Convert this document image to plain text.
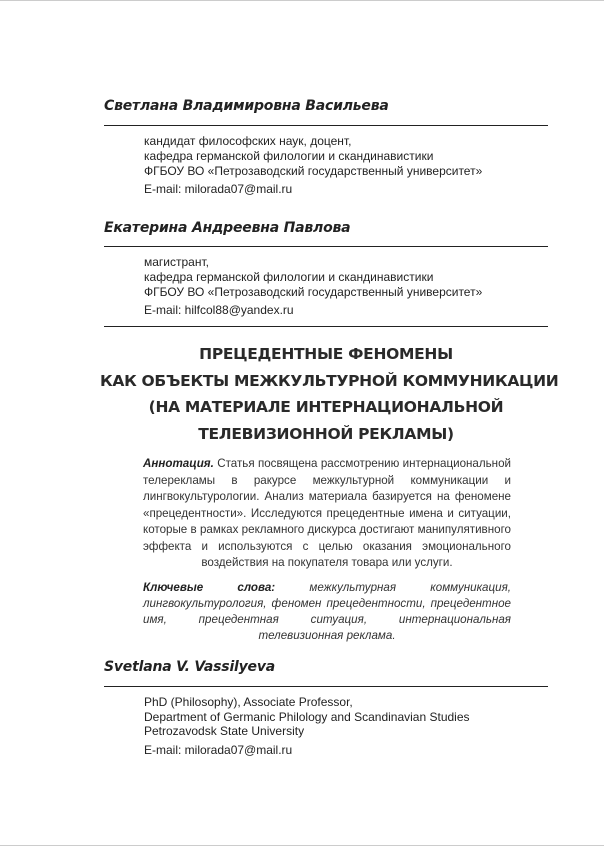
Светлана Владимировна Васильева
кандидат философских наук, доцент,
кафедра германской филологии и скандинавистики
ФГБОУ ВО «Петрозаводский государственный университет»
E-mail: milorada07@mail.ru
Екатерина Андреевна Павлова
магистрант,
кафедра германской филологии и скандинавистики
ФГБОУ ВО «Петрозаводский государственный университет»
E-mail: hilfcol88@yandex.ru
ПРЕЦЕДЕНТНЫЕ ФЕНОМЕНЫ
КАК ОБЪЕКТЫ МЕЖКУЛЬТУРНОЙ КОММУНИКАЦИИ
(НА МАТЕРИАЛЕ ИНТЕРНАЦИОНАЛЬНОЙ
ТЕЛЕВИЗИОННОЙ РЕКЛАМЫ)
Аннотация. Статья посвящена рассмотрению интернациональной телерекламы в ракурсе межкультурной коммуникации и лингвокультурологии. Анализ материала базируется на феномене «прецедентности». Исследуются прецедентные имена и ситуации, которые в рамках рекламного дискурса достигают манипулятивного эффекта и используются с целью оказания эмоционального воздействия на покупателя товара или услуги.
Ключевые слова:	межкультурная коммуникация, лингвокультурология, феномен прецедентности, прецедентное имя, прецедентная ситуация, интернациональная телевизионная реклама.
Svetlana V. Vassilyeva
PhD (Philosophy), Associate Professor,
Department of Germanic Philology and Scandinavian Studies
Petrozavodsk State University
E-mail: milorada07@mail.ru
